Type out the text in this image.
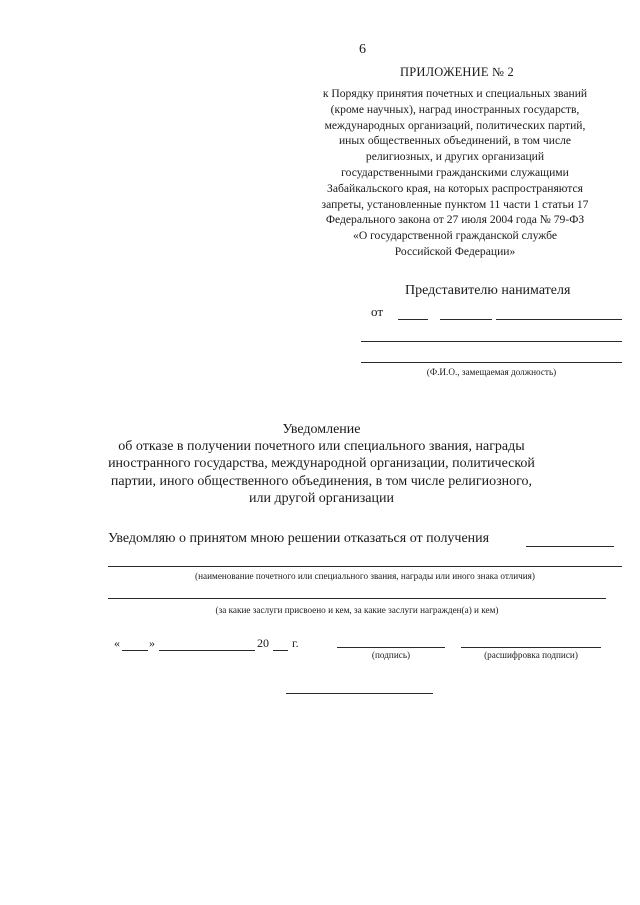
6
ПРИЛОЖЕНИЕ № 2
к Порядку принятия почетных и специальных званий
(кроме научных), наград иностранных государств,
международных организаций, политических партий,
иных общественных объединений, в том числе
религиозных, и других организаций
государственными гражданскими служащими
Забайкальского края, на которых распространяются
запреты, установленные пунктом 11 части 1 статьи 17
Федерального закона от 27 июля 2004 года № 79-ФЗ
«О государственной гражданской службе
Российской Федерации»
Представителю нанимателя
от
(Ф.И.О., замещаемая должность)
Уведомление
об отказе в получении почетного или специального звания, награды
иностранного государства, международной организации, политической
партии, иного общественного объединения, в том числе религиозного,
или другой организации
Уведомляю о принятом мною решении отказаться от получения
(наименование почетного или специального звания, награды или иного знака отличия)
(за какие заслуги присвоено и кем, за какие заслуги награжден(а) и кем)
« »	20 г.
(подпись)	(расшифровка подписи)
